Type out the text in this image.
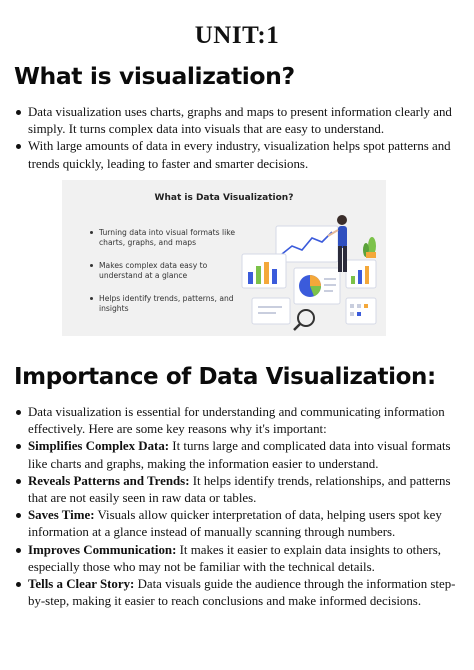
UNIT:1
What is visualization?
Data visualization uses charts, graphs and maps to present information clearly and simply. It turns complex data into visuals that are easy to understand.
With large amounts of data in every industry, visualization helps spot patterns and trends quickly, leading to faster and smarter decisions.
What is Data Visualization?
Turning data into visual formats like charts, graphs, and maps
Makes complex data easy to understand at a glance
Helps identify trends, patterns, and insights
Importance of Data Visualization:
Data visualization is essential for understanding and communicating information effectively. Here are some key reasons why it's important:
Simplifies Complex Data: It turns large and complicated data into visual formats like charts and graphs, making the information easier to understand.
Reveals Patterns and Trends: It helps identify trends, relationships, and patterns that are not easily seen in raw data or tables.
Saves Time: Visuals allow quicker interpretation of data, helping users spot key information at a glance instead of manually scanning through numbers.
Improves Communication: It makes it easier to explain data insights to others, especially those who may not be familiar with the technical details.
Tells a Clear Story: Data visuals guide the audience through the information step-by-step, making it easier to reach conclusions and make informed decisions.
